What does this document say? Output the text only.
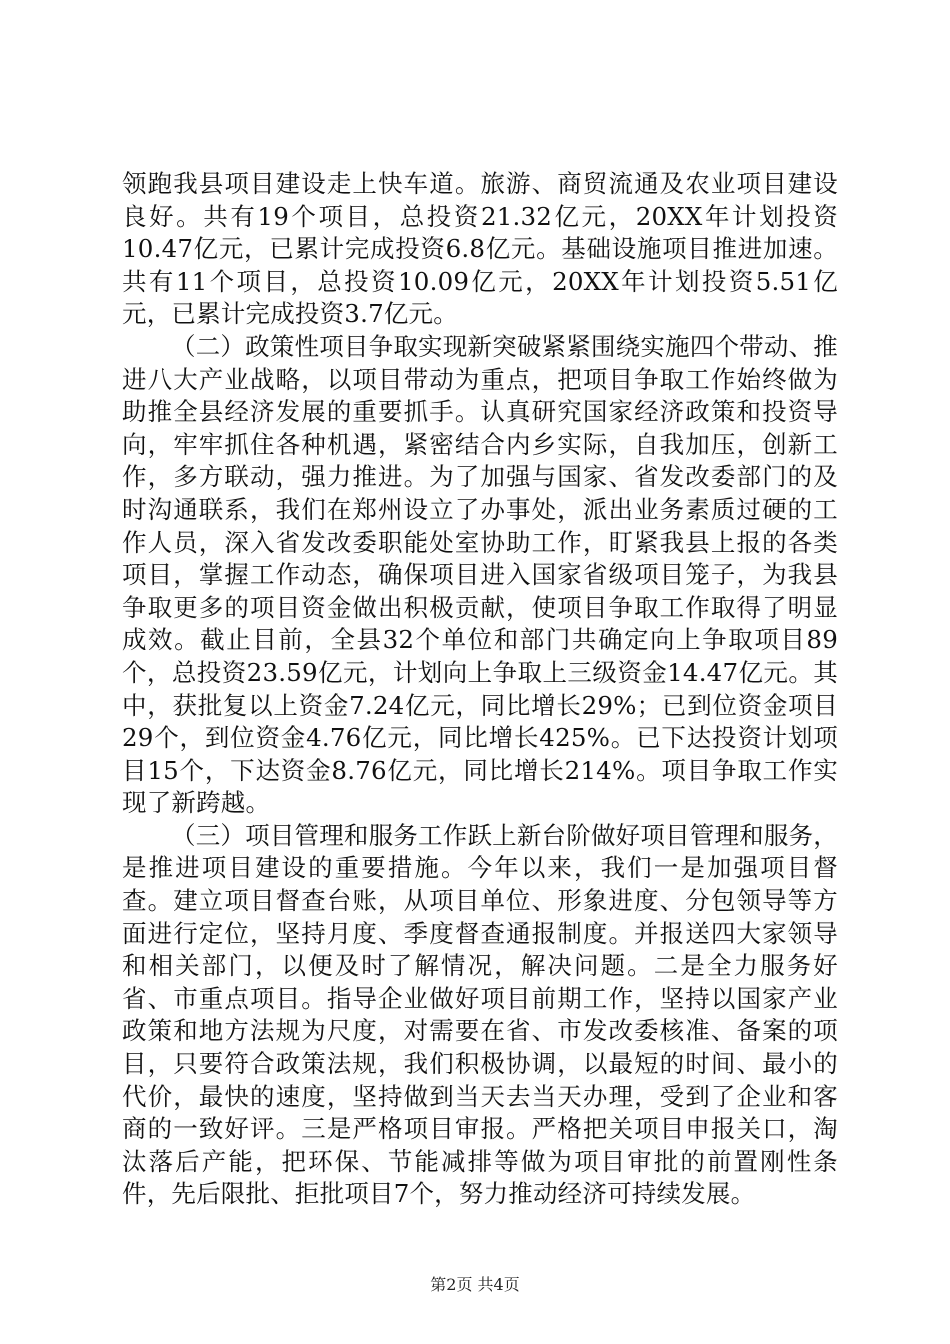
领跑我县项目建设走上快车道。旅游、商贸流通及农业项目建设良好。共有19个项目，总投资21.32亿元，20XX年计划投资10.47亿元，已累计完成投资6.8亿元。基础设施项目推进加速。共有11个项目，总投资10.09亿元，20XX年计划投资5.51亿元，已累计完成投资3.7亿元。

（二）政策性项目争取实现新突破紧紧围绕实施四个带动、推进八大产业战略，以项目带动为重点，把项目争取工作始终做为助推全县经济发展的重要抓手。认真研究国家经济政策和投资导向，牢牢抓住各种机遇，紧密结合内乡实际，自我加压，创新工作，多方联动，强力推进。为了加强与国家、省发改委部门的及时沟通联系，我们在郑州设立了办事处，派出业务素质过硬的工作人员，深入省发改委职能处室协助工作，盯紧我县上报的各类项目，掌握工作动态，确保项目进入国家省级项目笼子，为我县争取更多的项目资金做出积极贡献，使项目争取工作取得了明显成效。截止目前，全县32个单位和部门共确定向上争取项目89个，总投资23.59亿元，计划向上争取上三级资金14.47亿元。其中，获批复以上资金7.24亿元，同比增长29%；已到位资金项目29个，到位资金4.76亿元，同比增长425%。已下达投资计划项目15个，下达资金8.76亿元，同比增长214%。项目争取工作实现了新跨越。

（三）项目管理和服务工作跃上新台阶做好项目管理和服务，是推进项目建设的重要措施。今年以来，我们一是加强项目督查。建立项目督查台账，从项目单位、形象进度、分包领导等方面进行定位，坚持月度、季度督查通报制度。并报送四大家领导和相关部门，以便及时了解情况，解决问题。二是全力服务好省、市重点项目。指导企业做好项目前期工作，坚持以国家产业政策和地方法规为尺度，对需要在省、市发改委核准、备案的项目，只要符合政策法规，我们积极协调，以最短的时间、最小的代价，最快的速度，坚持做到当天去当天办理，受到了企业和客商的一致好评。三是严格项目审报。严格把关项目申报关口，淘汰落后产能，把环保、节能减排等做为项目审批的前置刚性条件，先后限批、拒批项目7个，努力推动经济可持续发展。

第2页 共4页
